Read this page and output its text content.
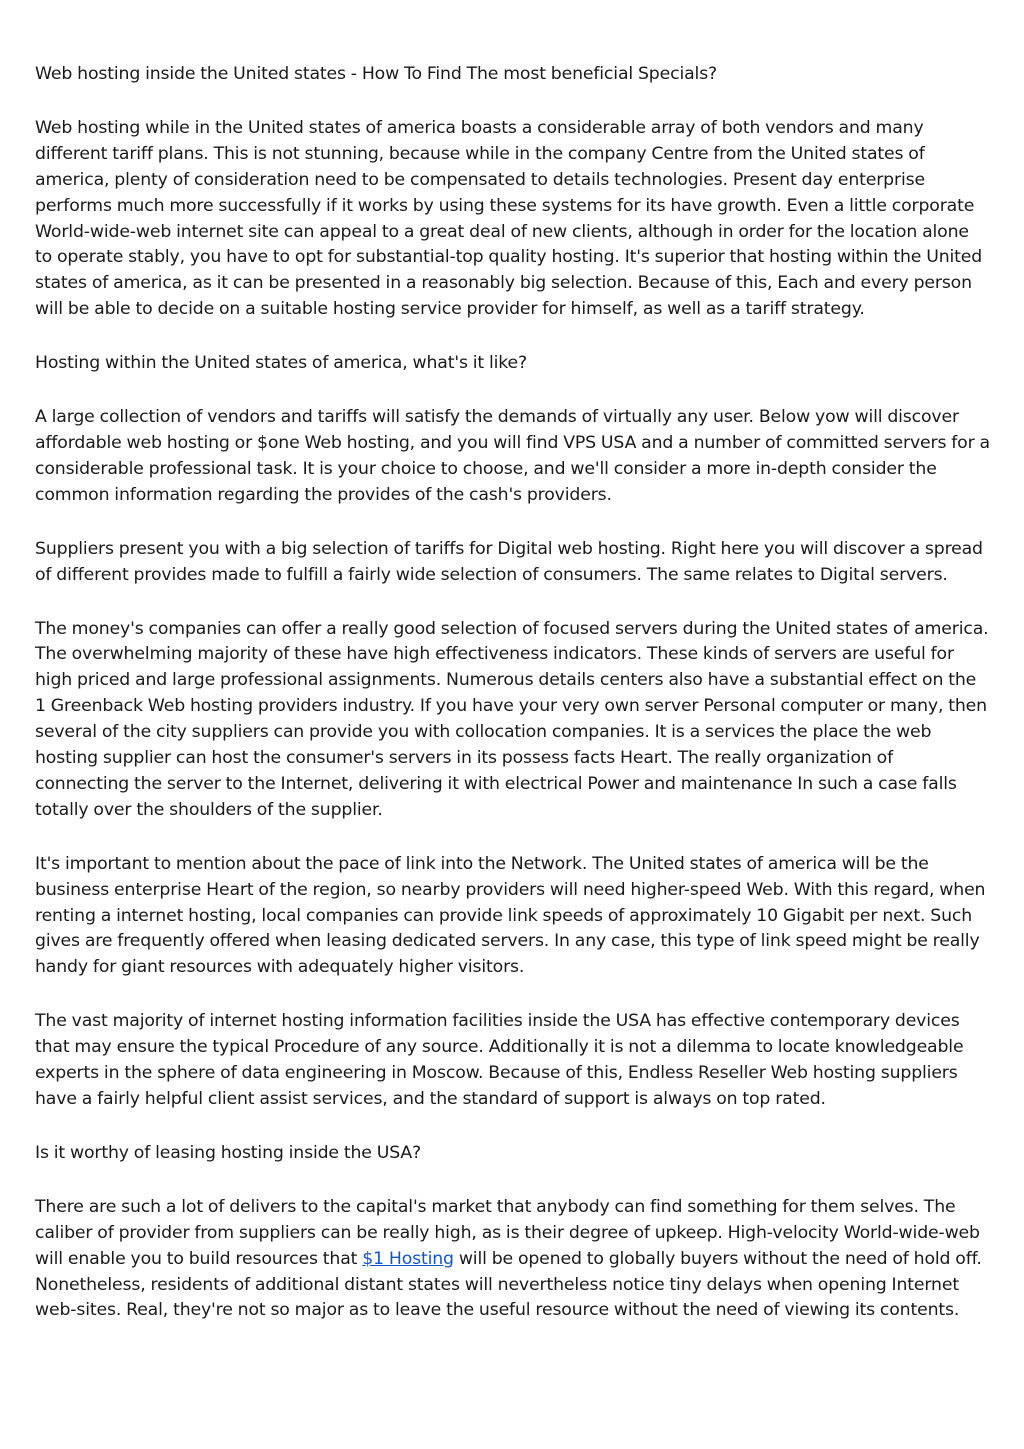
Web hosting inside the United states - How To Find The most beneficial Specials?

Web hosting while in the United states of america boasts a considerable array of both vendors and many different tariff plans. This is not stunning, because while in the company Centre from the United states of america, plenty of consideration need to be compensated to details technologies. Present day enterprise performs much more successfully if it works by using these systems for its have growth. Even a little corporate World-wide-web internet site can appeal to a great deal of new clients, although in order for the location alone to operate stably, you have to opt for substantial-top quality hosting. It's superior that hosting within the United states of america, as it can be presented in a reasonably big selection. Because of this, Each and every person will be able to decide on a suitable hosting service provider for himself, as well as a tariff strategy.

Hosting within the United states of america, what's it like?

A large collection of vendors and tariffs will satisfy the demands of virtually any user. Below yow will discover affordable web hosting or $one Web hosting, and you will find VPS USA and a number of committed servers for a considerable professional task. It is your choice to choose, and we'll consider a more in-depth consider the common information regarding the provides of the cash's providers.

Suppliers present you with a big selection of tariffs for Digital web hosting. Right here you will discover a spread of different provides made to fulfill a fairly wide selection of consumers. The same relates to Digital servers.

The money's companies can offer a really good selection of focused servers during the United states of america. The overwhelming majority of these have high effectiveness indicators. These kinds of servers are useful for high priced and large professional assignments. Numerous details centers also have a substantial effect on the 1 Greenback Web hosting providers industry. If you have your very own server Personal computer or many, then several of the city suppliers can provide you with collocation companies. It is a services the place the web hosting supplier can host the consumer's servers in its possess facts Heart. The really organization of connecting the server to the Internet, delivering it with electrical Power and maintenance In such a case falls totally over the shoulders of the supplier.

It's important to mention about the pace of link into the Network. The United states of america will be the business enterprise Heart of the region, so nearby providers will need higher-speed Web. With this regard, when renting a internet hosting, local companies can provide link speeds of approximately 10 Gigabit per next. Such gives are frequently offered when leasing dedicated servers. In any case, this type of link speed might be really handy for giant resources with adequately higher visitors.

The vast majority of internet hosting information facilities inside the USA has effective contemporary devices that may ensure the typical Procedure of any source. Additionally it is not a dilemma to locate knowledgeable experts in the sphere of data engineering in Moscow. Because of this, Endless Reseller Web hosting suppliers have a fairly helpful client assist services, and the standard of support is always on top rated.

Is it worthy of leasing hosting inside the USA?

There are such a lot of delivers to the capital's market that anybody can find something for them selves. The caliber of provider from suppliers can be really high, as is their degree of upkeep. High-velocity World-wide-web will enable you to build resources that $1 Hosting will be opened to globally buyers without the need of hold off. Nonetheless, residents of additional distant states will nevertheless notice tiny delays when opening Internet web-sites. Real, they're not so major as to leave the useful resource without the need of viewing its contents.
